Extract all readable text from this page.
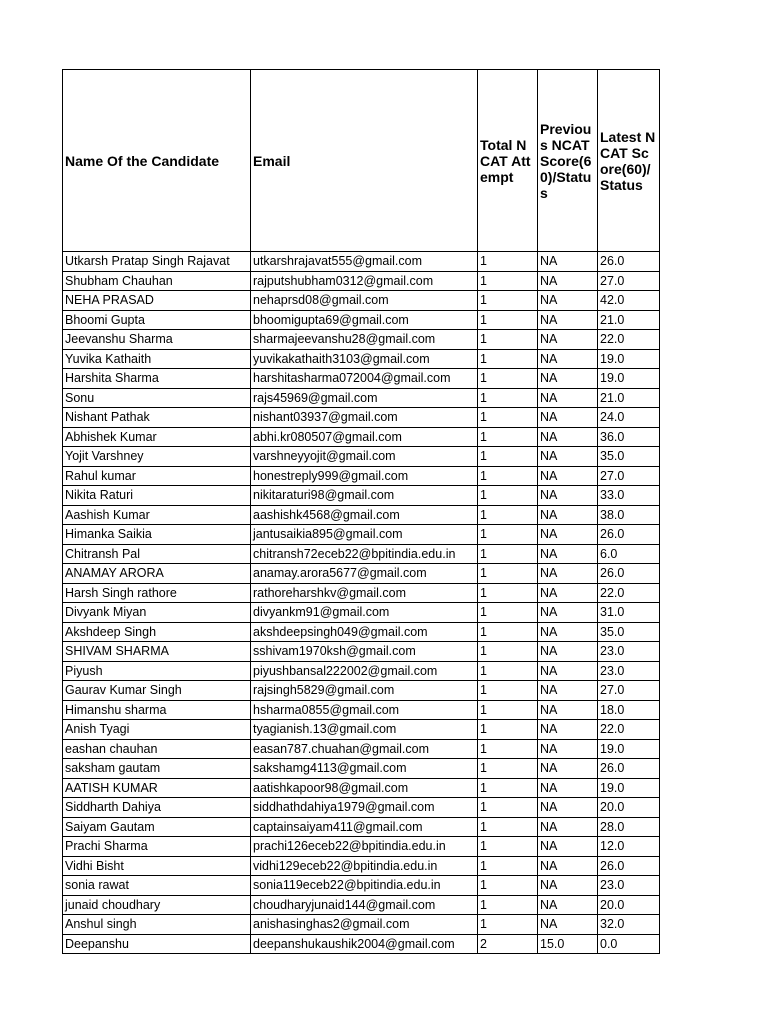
Name Of the Candidate	Email	Total NCAT Attempt	Previous NCAT Score(60)/Status	Latest NCAT Score(60)/Status
Utkarsh Pratap Singh Rajavat	utkarshrajavat555@gmail.com	1	NA	26.0
Shubham Chauhan	rajputshubham0312@gmail.com	1	NA	27.0
NEHA PRASAD	nehaprsd08@gmail.com	1	NA	42.0
Bhoomi Gupta	bhoomigupta69@gmail.com	1	NA	21.0
Jeevanshu Sharma	sharmajeevanshu28@gmail.com	1	NA	22.0
Yuvika Kathaith	yuvikakathaith3103@gmail.com	1	NA	19.0
Harshita Sharma	harshitasharma072004@gmail.com	1	NA	19.0
Sonu	rajs45969@gmail.com	1	NA	21.0
Nishant Pathak	nishant03937@gmail.com	1	NA	24.0
Abhishek Kumar	abhi.kr080507@gmail.com	1	NA	36.0
Yojit Varshney	varshneyyojit@gmail.com	1	NA	35.0
Rahul kumar	honestreply999@gmail.com	1	NA	27.0
Nikita Raturi	nikitaraturi98@gmail.com	1	NA	33.0
Aashish Kumar	aashishk4568@gmail.com	1	NA	38.0
Himanka Saikia	jantusaikia895@gmail.com	1	NA	26.0
Chitransh Pal	chitransh72eceb22@bpitindia.edu.in	1	NA	6.0
ANAMAY ARORA	anamay.arora5677@gmail.com	1	NA	26.0
Harsh Singh rathore	rathoreharshkv@gmail.com	1	NA	22.0
Divyank Miyan	divyankm91@gmail.com	1	NA	31.0
Akshdeep Singh	akshdeepsingh049@gmail.com	1	NA	35.0
SHIVAM SHARMA	sshivam1970ksh@gmail.com	1	NA	23.0
Piyush	piyushbansal222002@gmail.com	1	NA	23.0
Gaurav Kumar Singh	rajsingh5829@gmail.com	1	NA	27.0
Himanshu sharma	hsharma0855@gmail.com	1	NA	18.0
Anish Tyagi	tyagianish.13@gmail.com	1	NA	22.0
eashan chauhan	easan787.chuahan@gmail.com	1	NA	19.0
saksham gautam	sakshamg4113@gmail.com	1	NA	26.0
AATISH KUMAR	aatishkapoor98@gmail.com	1	NA	19.0
Siddharth Dahiya	siddhathdahiya1979@gmail.com	1	NA	20.0
Saiyam Gautam	captainsaiyam411@gmail.com	1	NA	28.0
Prachi Sharma	prachi126eceb22@bpitindia.edu.in	1	NA	12.0
Vidhi Bisht	vidhi129eceb22@bpitindia.edu.in	1	NA	26.0
sonia rawat	sonia119eceb22@bpitindia.edu.in	1	NA	23.0
junaid choudhary	choudharyjunaid144@gmail.com	1	NA	20.0
Anshul singh	anishasinghas2@gmail.com	1	NA	32.0
Deepanshu	deepanshukaushik2004@gmail.com	2	15.0	0.0
